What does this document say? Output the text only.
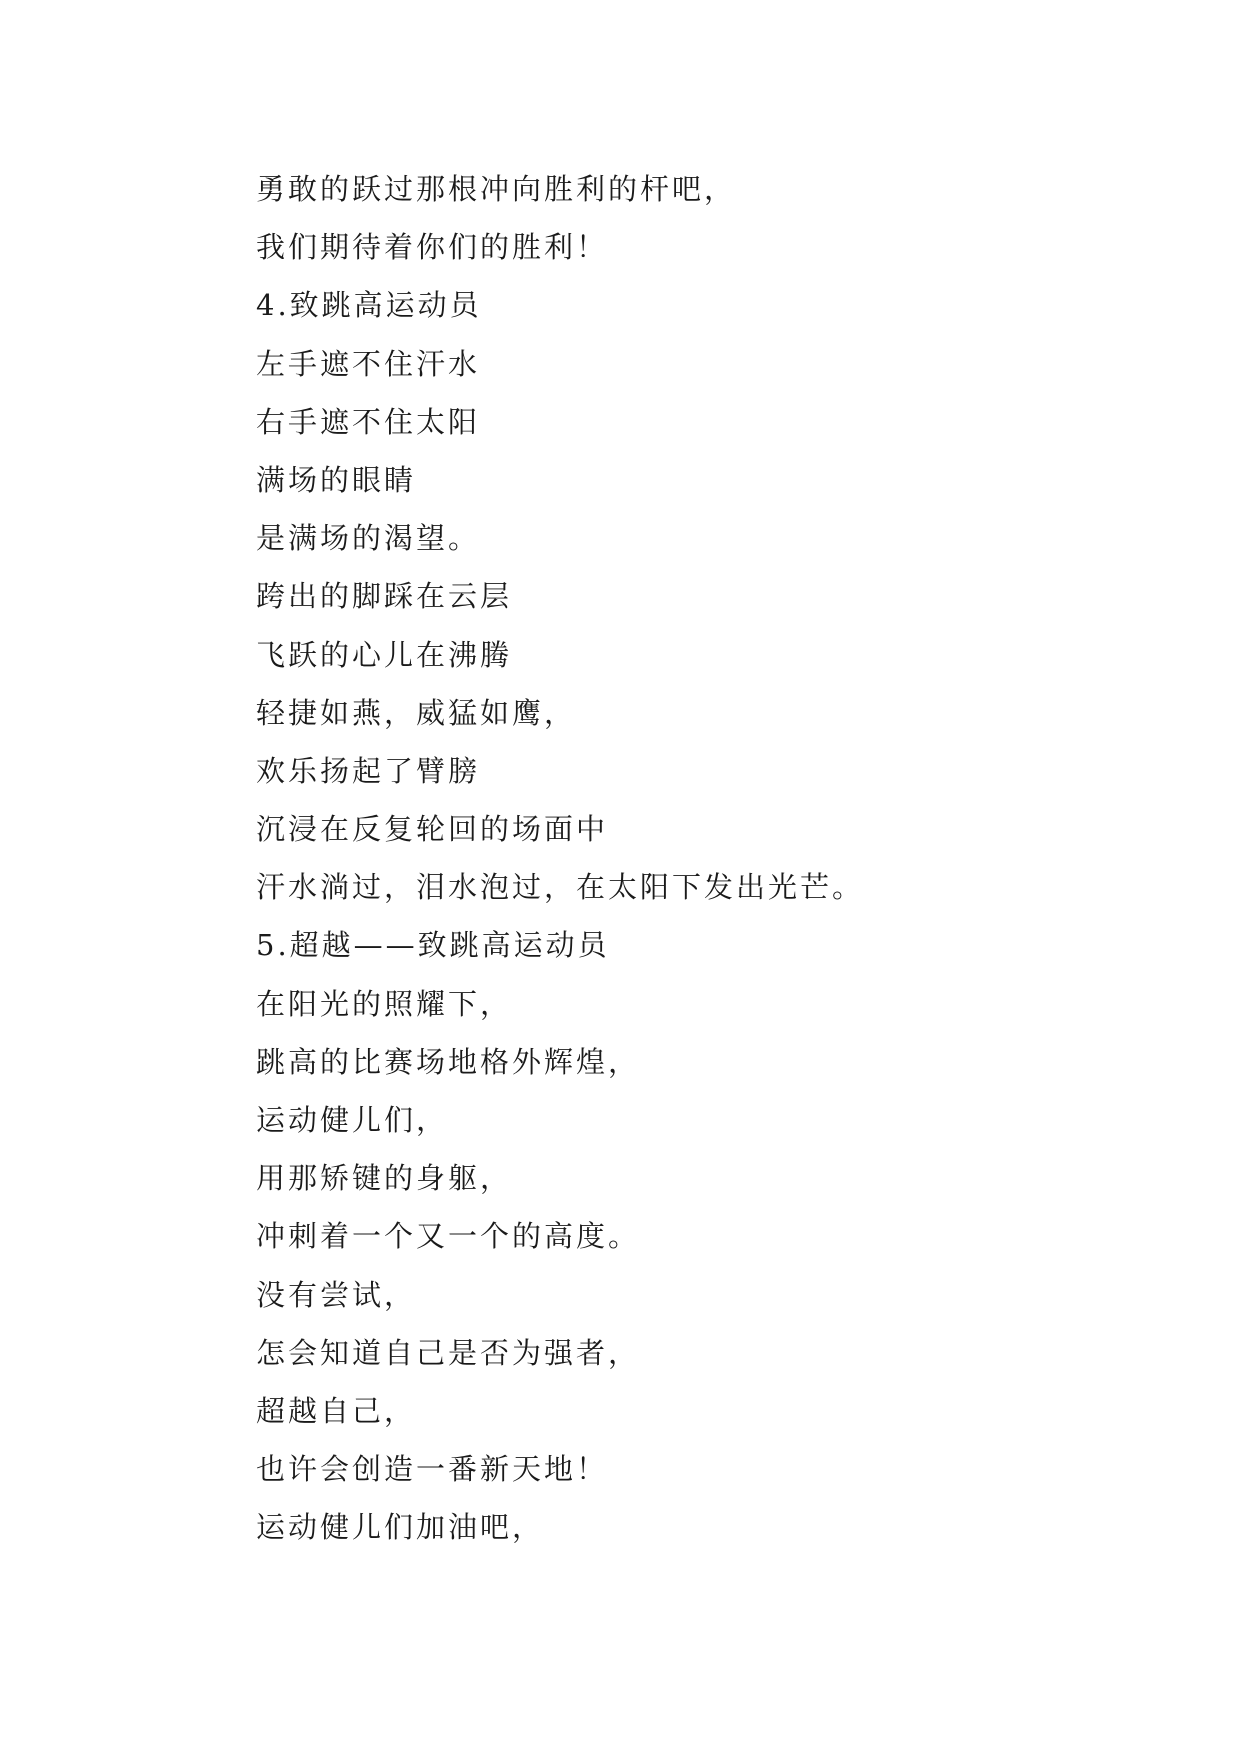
勇敢的跃过那根冲向胜利的杆吧，
我们期待着你们的胜利！
4.致跳高运动员
左手遮不住汗水
右手遮不住太阳
满场的眼睛
是满场的渴望。
跨出的脚踩在云层
飞跃的心儿在沸腾
轻捷如燕，威猛如鹰，
欢乐扬起了臂膀
沉浸在反复轮回的场面中
汗水淌过，泪水泡过，在太阳下发出光芒。
5.超越——致跳高运动员
在阳光的照耀下，
跳高的比赛场地格外辉煌，
运动健儿们，
用那矫键的身躯，
冲刺着一个又一个的高度。
没有尝试，
怎会知道自己是否为强者，
超越自己，
也许会创造一番新天地！
运动健儿们加油吧，
